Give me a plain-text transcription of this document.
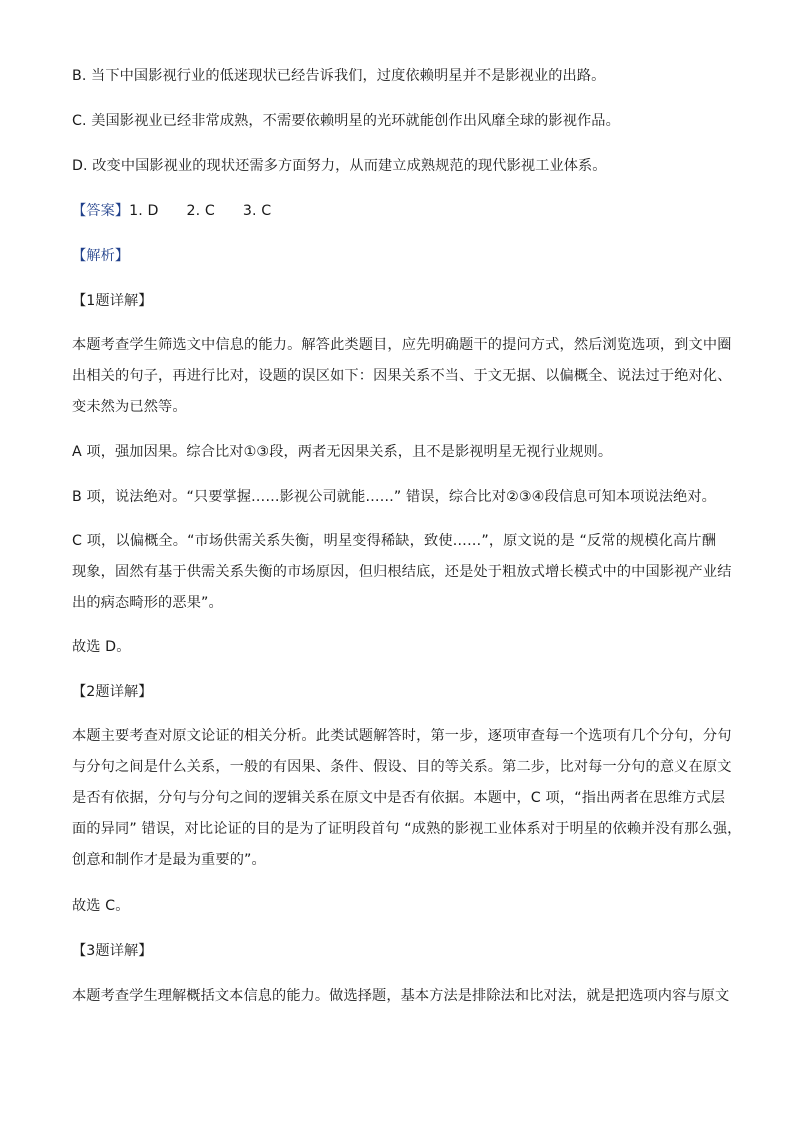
B. 当下中国影视行业的低迷现状已经告诉我们，过度依赖明星并不是影视业的出路。
C. 美国影视业已经非常成熟，不需要依赖明星的光环就能创作出风靡全球的影视作品。
D. 改变中国影视业的现状还需多方面努力，从而建立成熟规范的现代影视工业体系。
【答案】1. D 2. C 3. C
【解析】
【1题详解】
本题考查学生筛选文中信息的能力。解答此类题目，应先明确题干的提问方式，然后浏览选项，到文中圈
出相关的句子，再进行比对，设题的误区如下：因果关系不当、于文无据、以偏概全、说法过于绝对化、
变未然为已然等。
A 项，强加因果。综合比对①③段，两者无因果关系，且不是影视明星无视行业规则。
B 项，说法绝对。“只要掌握……影视公司就能……” 错误，综合比对②③④段信息可知本项说法绝对。
C 项，以偏概全。“市场供需关系失衡，明星变得稀缺，致使……”，原文说的是 “反常的规模化高片酬
现象，固然有基于供需关系失衡的市场原因，但归根结底，还是处于粗放式增长模式中的中国影视产业结
出的病态畸形的恶果”。
故选 D。
【2题详解】
本题主要考查对原文论证的相关分析。此类试题解答时，第一步，逐项审查每一个选项有几个分句，分句
与分句之间是什么关系，一般的有因果、条件、假设、目的等关系。第二步，比对每一分句的意义在原文
是否有依据，分句与分句之间的逻辑关系在原文中是否有依据。本题中，C 项，“指出两者在思维方式层
面的异同” 错误，对比论证的目的是为了证明段首句 “成熟的影视工业体系对于明星的依赖并没有那么强，
创意和制作才是最为重要的”。
故选 C。
【3题详解】
本题考查学生理解概括文本信息的能力。做选择题，基本方法是排除法和比对法，就是把选项内容与原文
